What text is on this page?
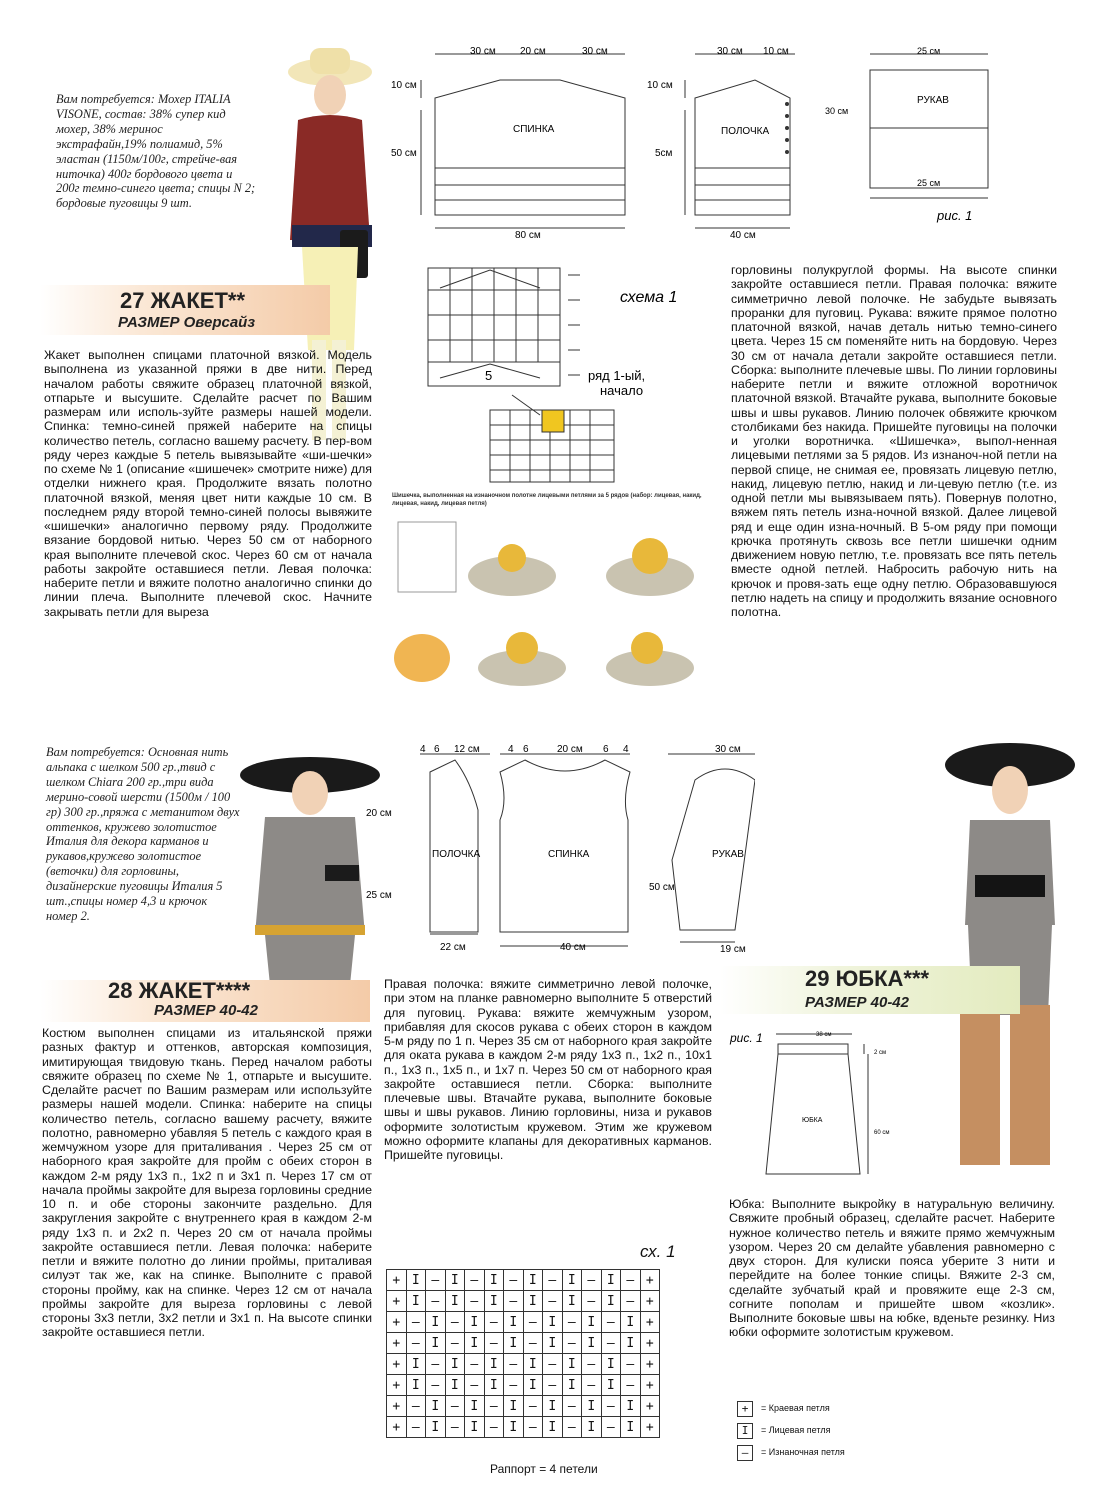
Вам потребуется: Мохер ITALIA VISONE, состав: 38% супер кид мохер, 38% мериноc экстрафайн,19% полиамид, 5% эластан (1150м/100г, стрейче-вая ниточка) 400г бордового цвета и 200г темно-синего цвета; спицы N 2; бордовые пуговицы 9 шт.
27 ЖАКЕТ**
РАЗМЕР Оверсайз
Жакет выполнен спицами платочной вязкой. Модель выполнена из указанной пряжи в две нити. Перед началом работы свяжите образец платочной вязкой, отпарьте и высушите. Сделайте расчет по Вашим размерам или исполь-зуйте размеры нашей модели. Спинка: темно-синей пряжей наберите на спицы количество петель, согласно вашему расчету. В пер-вом ряду через каждые 5 петель вывязывайте «ши-шечки» по схеме № 1 (описание «шишечек» смотрите ниже) для отделки нижнего края. Продолжите вязать полотно платочной вязкой, меняя цвет нити каждые 10 см. В последнем ряду второй темно-синей полосы вывяжите «шишечки» аналогично первому ряду. Продолжите вязание бордовой нитью. Через 50 см от наборного края выполните плечевой скос. Через 60 см от начала работы закройте оставшиеся петли. Левая полочка: наберите петли и вяжите полотно аналогично спинки до линии плеча. Выполните плечевой скос. Начните закрывать петли для выреза
30 см 20 см	30 см
10 см
50 см
СПИНКА
80 см
30 см 10 см
10 см
5см
ПОЛОЧКА
40 см
25 см
30 см
РУКАВ
25 см
рис. 1
5
схема 1
ряд 1-ый,
начало
Шишечка, выполненная на изнаночном полотне лицевыми петлями за 5 рядов (набор: лицевая, накид, лицевая, накид, лицевая петля)
горловины полукруглой формы. На высоте спинки закройте оставшиеся петли. Правая полочка: вяжите симметрично левой полочке. Не забудьте вывязать проранки для пуговиц. Рукава: вяжите прямое полотно платочной вязкой, начав деталь нитью темно-синего цвета. Через 15 см поменяйте нить на бордовую. Через 30 см от начала детали закройте оставшиеся петли. Сборка: выполните плечевые швы. По линии горловины наберите петли и вяжите отложной воротничок платочной вязкой. Втачайте рукава, выполните боковые швы и швы рукавов. Линию полочек обвяжите крючком столбиками без накида. Пришейте пуговицы на полочки и уголки воротничка. «Шишечка», выпол-ненная лицевыми петлями за 5 рядов. Из изнаноч-ной петли на первой спице, не снимая ее, провязать лицевую петлю, накид, лицевую петлю, накид и ли-цевую петлю (т.е. из одной петли мы вывязываем пять). Повернув полотно, вяжем пять петель изна-ночной вязкой. Далее лицевой ряд и еще один изна-ночный. В 5-ом ряду при помощи крючка протянуть сквозь все петли шишечки одним движением новую петлю, т.е. провязать все пять петель вместе одной петлей. Набросить рабочую нить на крючок и провя-зать еще одну петлю. Образовавшуюся петлю надеть на спицу и продолжить вязание основного полотна.
Вам потребуется: Основная нить альпака с шелком 500 гр.,твид с шелком Chiara 200 гр.,три вида мерино-совой шерсти (1500м / 100 гр) 300 гр.,пряжа с метанитом двух оттенков, кружево золотистое Италия для декора карманов и рукавов,кружево золотистое (веточки) для горловины, дизайнерские пуговицы Италия 5 шт.,спицы номер 4,3 и крючок номер 2.
28 ЖАКЕТ****
РАЗМЕР 40-42
Костюм выполнен спицами из итальянской пряжи разных фактур и оттенков, авторская композиция, имитирующая твидовую ткань. Перед началом работы свяжите образец по схеме № 1, отпарьте и высушите. Сделайте расчет по Вашим размерам или используйте размеры нашей модели. Спинка: наберите на спицы количество петель, согласно вашему расчету, вяжите полотно, равномерно убавляя 5 петель с каждого края в жемчужном узоре для приталивания . Через 25 см от наборного края закройте для пройм с обеих сторон в каждом 2-м ряду 1х3 п., 1х2 п и 3х1 п. Через 17 см от начала проймы закройте для выреза горловины средние 10 п. и обе стороны закончите раздельно. Для закругления закройте с внутреннего края в каждом 2-м ряду 1х3 п. и 2х2 п. Через 20 см от начала проймы закройте оставшиеся петли. Левая полочка: наберите петли и вяжите полотно до линии проймы, приталивая силуэт так же, как на спинке. Выполните с правой стороны пройму, как на спинке. Через 12 см от начала проймы закройте для выреза горловины с левой стороны 3х3 петли, 3х2 петли и 3х1 п. На высоте спинки закройте оставшиеся петли.
4 6 12 см	4 6	20 см 6 4	30 см
20 см
25 см
ПОЛОЧКА	СПИНКА	РУКАВ
22 см	40 см
50 см
19 см
Правая полочка: вяжите симметрично левой полочке, при этом на планке равномерно выполните 5 отверстий для пуговиц. Рукава: вяжите жемчужным узором, прибавляя для скосов рукава с обеих сторон в каждом 5-м ряду по 1 п. Через 35 см от наборного края закройте для оката рукава в каждом 2-м ряду 1х3 п., 1х2 п., 10х1 п., 1х3 п., 1х5 п., и 1х7 п. Через 50 см от наборного края закройте оставшиеся петли. Сборка: выполните плечевые швы. Втачайте рукава, выполните боковые швы и швы рукавов. Линию горловины, низа и рукавов оформите золотистым кружевом. Этим же кружевом можно оформите клапаны для декоративных карманов. Пришейте пуговицы.
сх. 1
+	I	—	I	—	I	—	I	—	I	—	I	—	+
+	I	—	I	—	I	—	I	—	I	—	I	—	+
+	—	I	—	I	—	I	—	I	—	I	—	I	+
+	—	I	—	I	—	I	—	I	—	I	—	I	+
+	I	—	I	—	I	—	I	—	I	—	I	—	+
+	I	—	I	—	I	—	I	—	I	—	I	—	+
+	—	I	—	I	—	I	—	I	—	I	—	I	+
+	—	I	—	I	—	I	—	I	—	I	—	I	+
Раппорт = 4 петели
29 ЮБКА***
РАЗМЕР 40-42
рис. 1	38 см
2 см
60 см
ЮБКА
Юбка: Выполните выкройку в натуральную величину. Свяжите пробный образец, сделайте расчет. Наберите нужное количество петель и вяжите прямо жемчужным узором. Через 20 см делайте убавления равномерно с двух сторон. Для кулиски пояса уберите 3 нити и перейдите на более тонкие спицы. Вяжите 2-3 см, сделайте зубчатый край и провяжите еще 2-3 см, согните пополам и пришейте швом «козлик». Выполните боковые швы на юбке, вденьте резинку. Низ юбки оформите золотистым кружевом.
+ = Краевая петля
I = Лицевая петля
— = Изнаночная петля
